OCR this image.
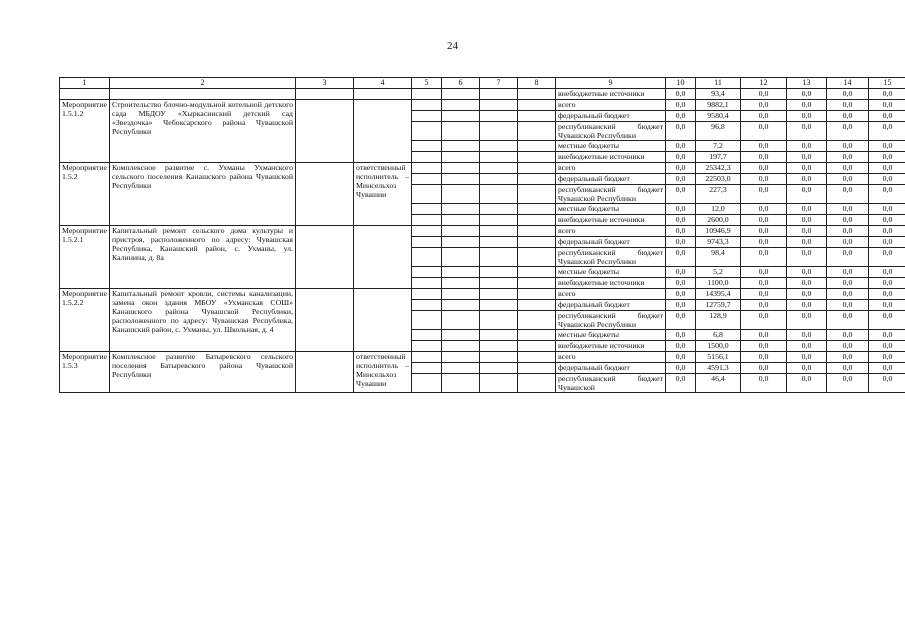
24
1	2	3	4	5	6	7	8	9	10	11	12	13	14	15
								внебюджетные источники	0,0	93,4	0,0	0,0	0,0	0,0
Мероприятие 1.5.1.2	Строительство блочно-модульной котельной детского сада МБДОУ «Хыркасинский детский сад «Звездочка» Чебоксарского района Чувашской Республики							всего	0,0	9882,1	0,0	0,0	0,0	0,0
								федеральный бюджет	0,0	9580,4	0,0	0,0	0,0	0,0
								республиканский бюджет Чувашской Республики	0,0	96,8	0,0	0,0	0,0	0,0
								местные бюджеты	0,0	7,2	0,0	0,0	0,0	0,0
								внебюджетные источники	0,0	197,7	0,0	0,0	0,0	0,0
Мероприятие 1.5.2	Комплексное развитие с. Ухманы Ухманского сельского поселения Канашского района Чувашской Республики		ответственный исполнитель – Минсельхоз Чувашии					всего	0,0	25342,3	0,0	0,0	0,0	0,0
								федеральный бюджет	0,0	22503,0	0,0	0,0	0,0	0,0
								республиканский бюджет Чувашской Республики	0,0	227,3	0,0	0,0	0,0	0,0
								местные бюджеты	0,0	12,0	0,0	0,0	0,0	0,0
								внебюджетные источники	0,0	2600,0	0,0	0,0	0,0	0,0
Мероприятие 1.5.2.1	Капитальный ремонт сельского дома культуры и пристроя, расположенного по адресу: Чувашская Республика, Канашский район, с. Ухманы, ул. Калинина, д. 8а							всего	0,0	10946,9	0,0	0,0	0,0	0,0
								федеральный бюджет	0,0	9743,3	0,0	0,0	0,0	0,0
								республиканский бюджет Чувашской Республики	0,0	98,4	0,0	0,0	0,0	0,0
								местные бюджеты	0,0	5,2	0,0	0,0	0,0	0,0
								внебюджетные источники	0,0	1100,0	0,0	0,0	0,0	0,0
Мероприятие 1.5.2.2	Капитальный ремонт кровли, системы канализации, замена окон здания МБОУ «Ухманская СОШ» Канашского района Чувашской Республики, расположенного по адресу: Чувашская Республика, Канашский район, с. Ухманы, ул. Школьная, д. 4							всего	0,0	14395,4	0,0	0,0	0,0	0,0
								федеральный бюджет	0,0	12759,7	0,0	0,0	0,0	0,0
								республиканский бюджет Чувашской Республики	0,0	128,9	0,0	0,0	0,0	0,0
								местные бюджеты	0,0	6,8	0,0	0,0	0,0	0,0
								внебюджетные источники	0,0	1500,0	0,0	0,0	0,0	0,0
Мероприятие 1.5.3	Комплексное развитие Батыревского сельского поселения Батыревского района Чувашской Республики		ответственный исполнитель – Минсельхоз Чувашии					всего	0,0	5156,1	0,0	0,0	0,0	0,0
								федеральный бюджет	0,0	4591,3	0,0	0,0	0,0	0,0
								республиканский бюджет Чувашской	0,0	46,4	0,0	0,0	0,0	0,0
